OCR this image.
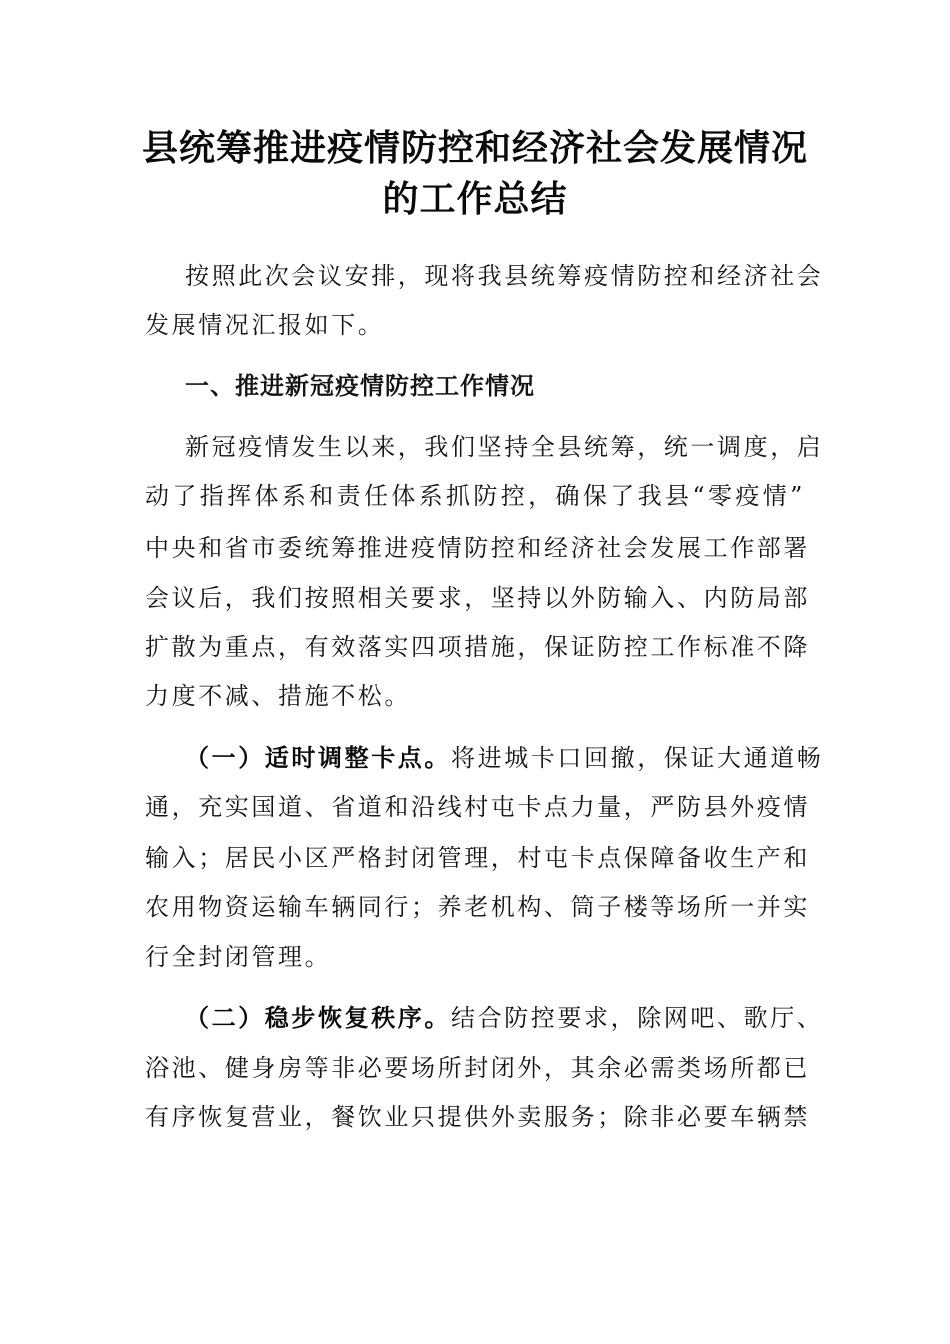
县统筹推进疫情防控和经济社会发展情况
的工作总结
按照此次会议安排，现将我县统筹疫情防控和经济社会
发展情况汇报如下。
一、推进新冠疫情防控工作情况
新冠疫情发生以来，我们坚持全县统筹，统一调度，启
动了指挥体系和责任体系抓防控，确保了我县“零疫情”
中央和省市委统筹推进疫情防控和经济社会发展工作部署
会议后，我们按照相关要求，坚持以外防输入、内防局部
扩散为重点，有效落实四项措施，保证防控工作标准不降
力度不减、措施不松。
（一）适时调整卡点。将进城卡口回撤，保证大通道畅
通，充实国道、省道和沿线村屯卡点力量，严防县外疫情
输入；居民小区严格封闭管理，村屯卡点保障备收生产和
农用物资运输车辆同行；养老机构、筒子楼等场所一并实
行全封闭管理。
（二）稳步恢复秩序。结合防控要求，除网吧、歌厅、
浴池、健身房等非必要场所封闭外，其余必需类场所都已
有序恢复营业，餐饮业只提供外卖服务；除非必要车辆禁
